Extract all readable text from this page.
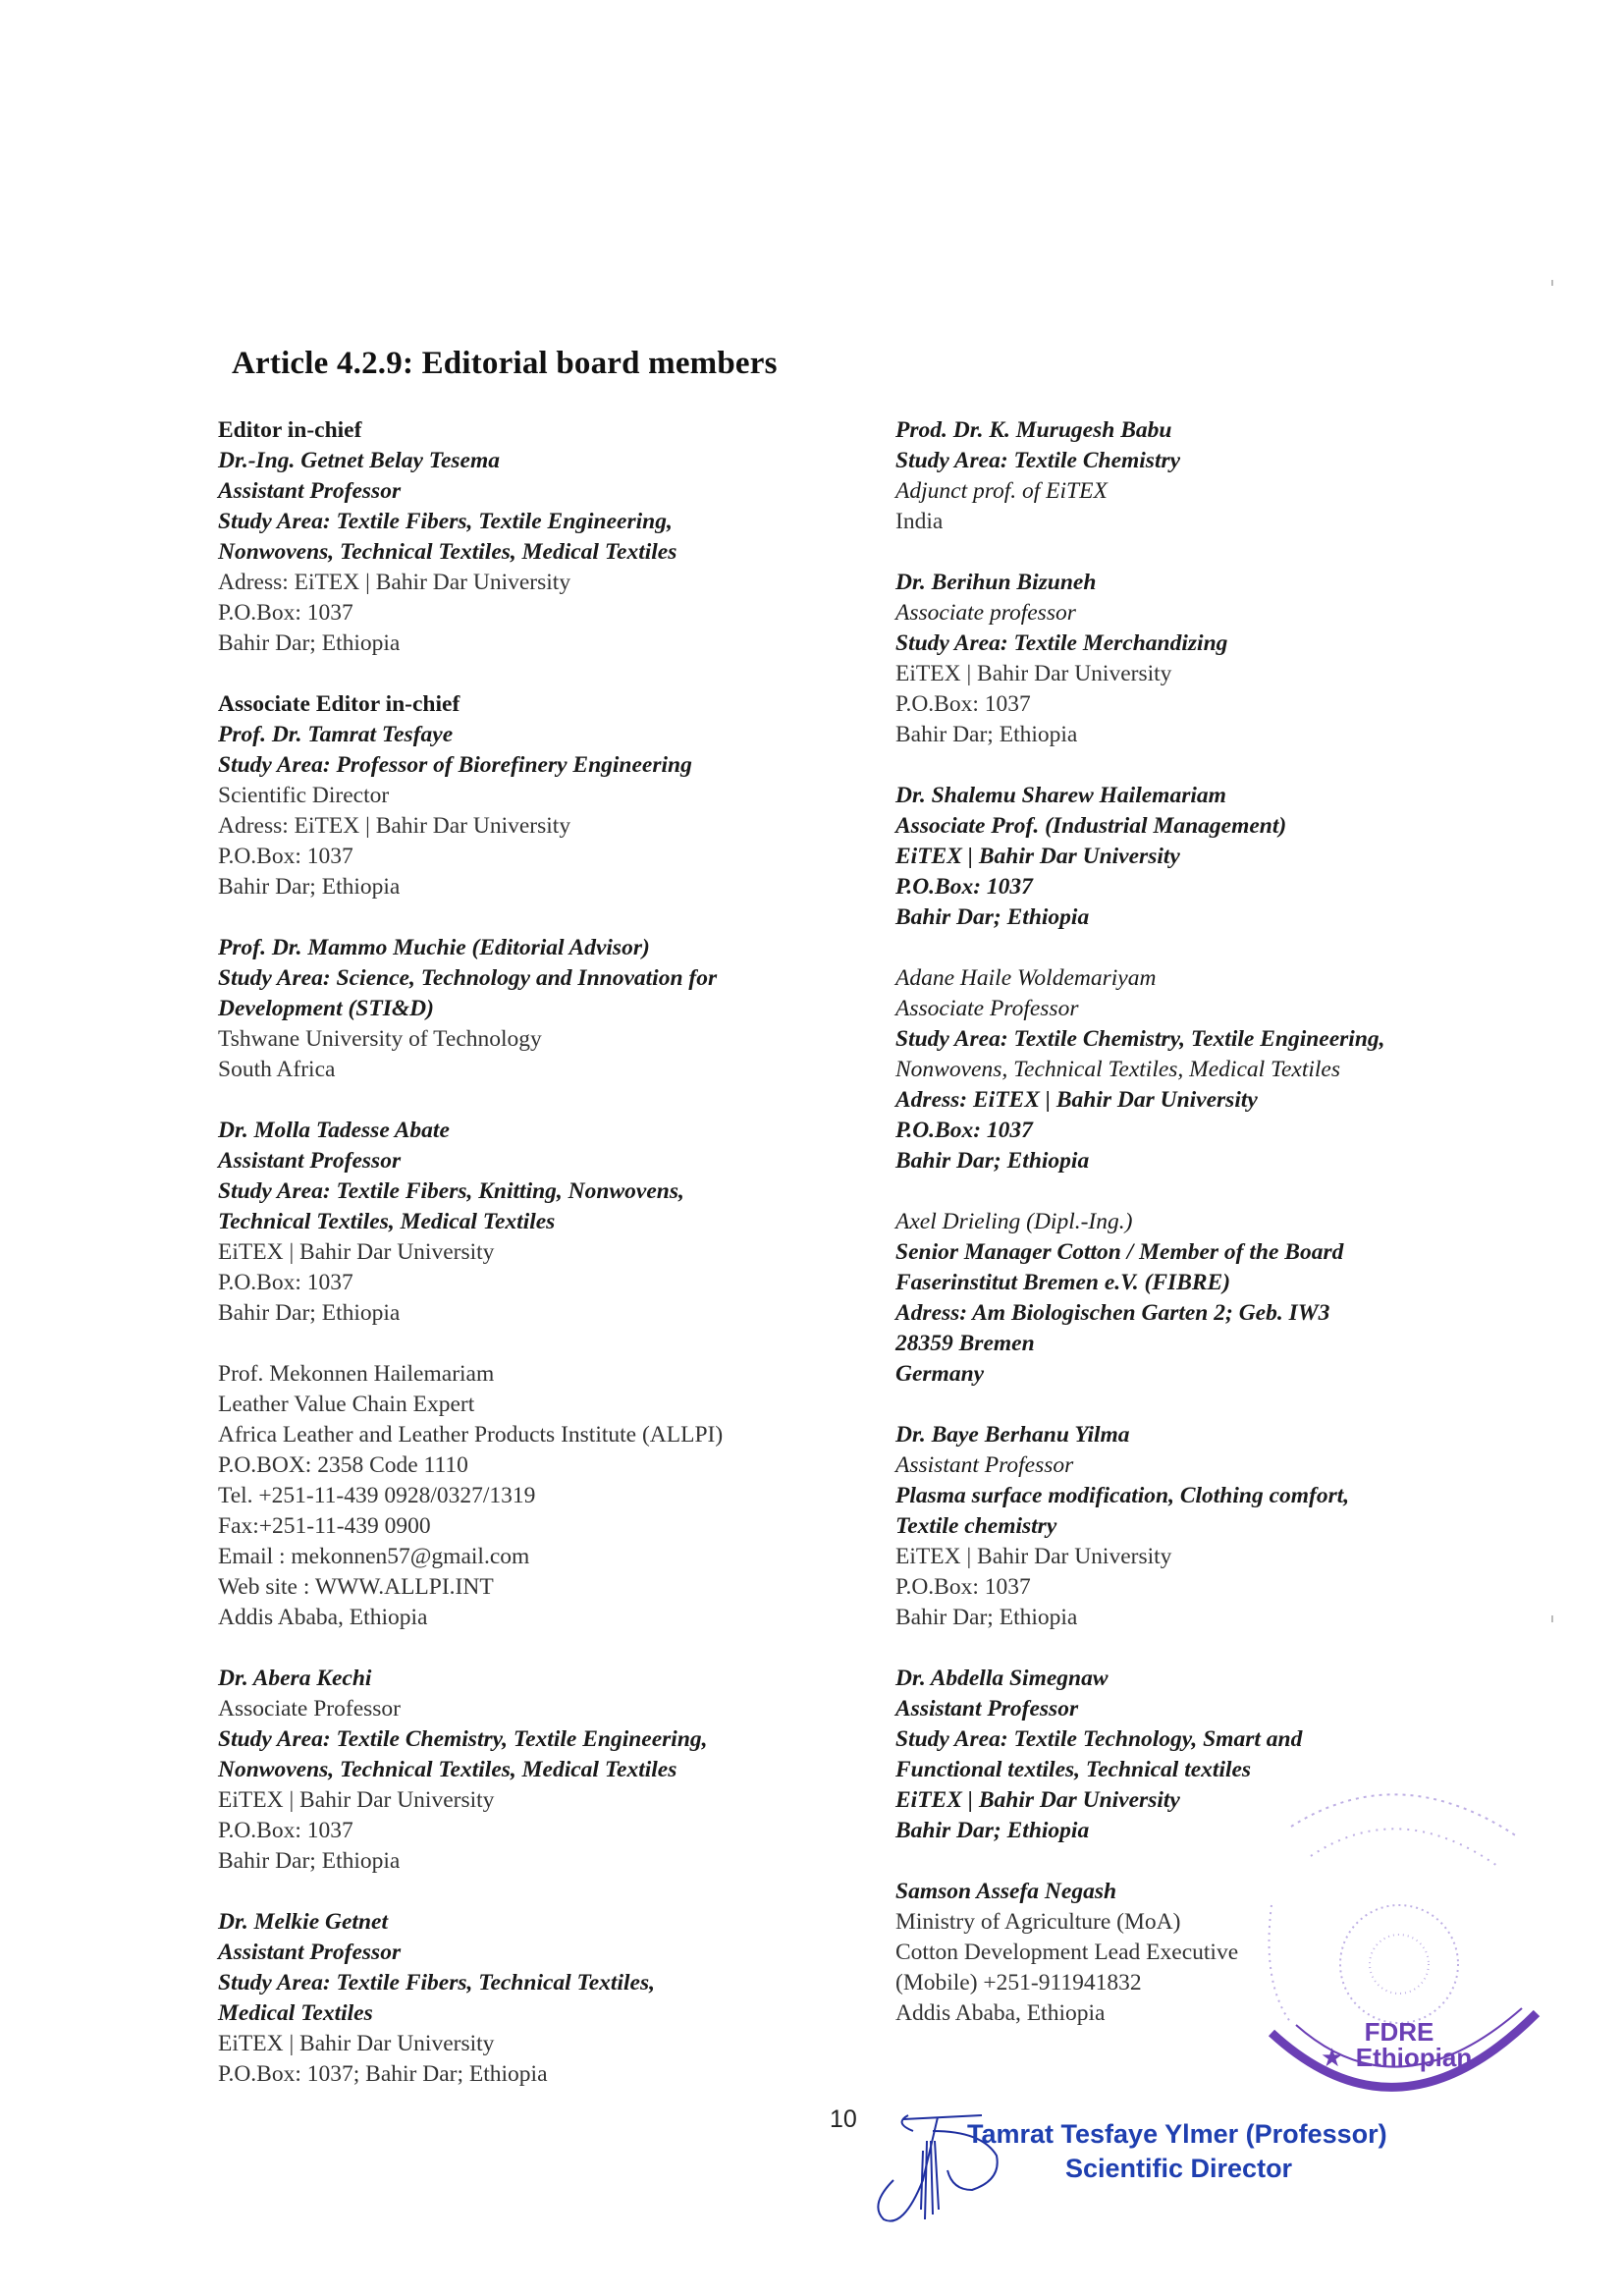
Article 4.2.9: Editorial board members
Editor in-chief
Dr.-Ing. Getnet Belay Tesema
Assistant Professor
Study Area: Textile Fibers, Textile Engineering,
Nonwovens, Technical Textiles, Medical Textiles
Adress: EiTEX | Bahir Dar University
P.O.Box: 1037
Bahir Dar; Ethiopia
Associate Editor in-chief
Prof. Dr. Tamrat Tesfaye
Study Area: Professor of Biorefinery Engineering
Scientific Director
Adress: EiTEX | Bahir Dar University
P.O.Box: 1037
Bahir Dar; Ethiopia
Prof. Dr. Mammo Muchie (Editorial Advisor)
Study Area: Science, Technology and Innovation for
Development (STI&D)
Tshwane University of Technology
South Africa
Dr. Molla Tadesse Abate
Assistant Professor
Study Area: Textile Fibers, Knitting, Nonwovens,
Technical Textiles, Medical Textiles
EiTEX | Bahir Dar University
P.O.Box: 1037
Bahir Dar; Ethiopia
Prof. Mekonnen Hailemariam
Leather Value Chain Expert
Africa Leather and Leather Products Institute (ALLPI)
P.O.BOX: 2358 Code 1110
Tel. +251-11-439 0928/0327/1319
Fax:+251-11-439 0900
Email : mekonnen57@gmail.com
Web site : WWW.ALLPI.INT
Addis Ababa, Ethiopia
Dr. Abera Kechi
Associate Professor
Study Area: Textile Chemistry, Textile Engineering,
Nonwovens, Technical Textiles, Medical Textiles
EiTEX | Bahir Dar University
P.O.Box: 1037
Bahir Dar; Ethiopia
Dr. Melkie Getnet
Assistant Professor
Study Area: Textile Fibers, Technical Textiles,
Medical Textiles
EiTEX | Bahir Dar University
P.O.Box: 1037; Bahir Dar; Ethiopia
Prod. Dr. K. Murugesh Babu
Study Area: Textile Chemistry
Adjunct prof. of EiTEX
India
Dr. Berihun Bizuneh
Associate professor
Study Area: Textile Merchandizing
EiTEX | Bahir Dar University
P.O.Box: 1037
Bahir Dar; Ethiopia
Dr. Shalemu Sharew Hailemariam
Associate Prof. (Industrial Management)
EiTEX | Bahir Dar University
P.O.Box: 1037
Bahir Dar; Ethiopia
Adane Haile Woldemariyam
Associate Professor
Study Area: Textile Chemistry, Textile Engineering,
Nonwovens, Technical Textiles, Medical Textiles
Adress: EiTEX | Bahir Dar University
P.O.Box: 1037
Bahir Dar; Ethiopia
Axel Drieling (Dipl.-Ing.)
Senior Manager Cotton / Member of the Board
Faserinstitut Bremen e.V. (FIBRE)
Adress: Am Biologischen Garten 2; Geb. IW3
28359 Bremen
Germany
Dr. Baye Berhanu Yilma
Assistant Professor
Plasma surface modification, Clothing comfort,
Textile chemistry
EiTEX | Bahir Dar University
P.O.Box: 1037
Bahir Dar; Ethiopia
Dr. Abdella Simegnaw
Assistant Professor
Study Area: Textile Technology, Smart and
Functional textiles, Technical textiles
EiTEX | Bahir Dar University
Bahir Dar; Ethiopia
Samson Assefa Negash
Ministry of Agriculture (MoA)
Cotton Development Lead Executive
(Mobile) +251-911941832
Addis Ababa, Ethiopia
FDRE
Ethiopian
★
Tamrat Tesfaye Ylmer (Professor)
Scientific Director
10
